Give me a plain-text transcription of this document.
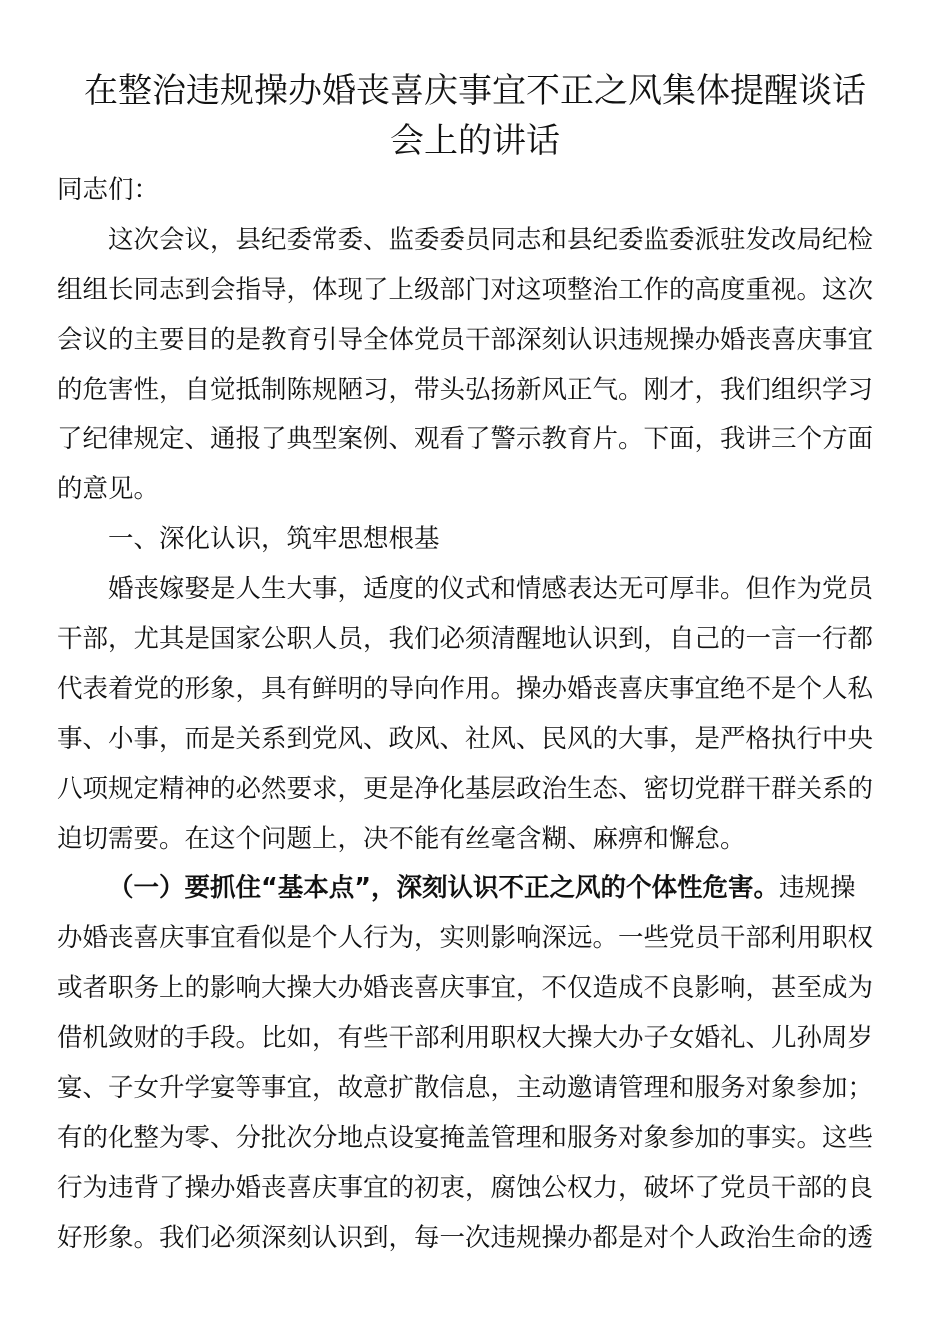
在整治违规操办婚丧喜庆事宜不正之风集体提醒谈话
会上的讲话
同志们：
这次会议，县纪委常委、监委委员同志和县纪委监委派驻发改局纪检
组组长同志到会指导，体现了上级部门对这项整治工作的高度重视。这次
会议的主要目的是教育引导全体党员干部深刻认识违规操办婚丧喜庆事宜
的危害性，自觉抵制陈规陋习，带头弘扬新风正气。刚才，我们组织学习
了纪律规定、通报了典型案例、观看了警示教育片。下面，我讲三个方面
的意见。
一、深化认识，筑牢思想根基
婚丧嫁娶是人生大事，适度的仪式和情感表达无可厚非。但作为党员
干部，尤其是国家公职人员，我们必须清醒地认识到，自己的一言一行都
代表着党的形象，具有鲜明的导向作用。操办婚丧喜庆事宜绝不是个人私
事、小事，而是关系到党风、政风、社风、民风的大事，是严格执行中央
八项规定精神的必然要求，更是净化基层政治生态、密切党群干群关系的
迫切需要。在这个问题上，决不能有丝毫含糊、麻痹和懈怠。
（一）要抓住“基本点”，深刻认识不正之风的个体性危害。违规操
办婚丧喜庆事宜看似是个人行为，实则影响深远。一些党员干部利用职权
或者职务上的影响大操大办婚丧喜庆事宜，不仅造成不良影响，甚至成为
借机敛财的手段。比如，有些干部利用职权大操大办子女婚礼、儿孙周岁
宴、子女升学宴等事宜，故意扩散信息，主动邀请管理和服务对象参加；
有的化整为零、分批次分地点设宴掩盖管理和服务对象参加的事实。这些
行为违背了操办婚丧喜庆事宜的初衷，腐蚀公权力，破坏了党员干部的良
好形象。我们必须深刻认识到，每一次违规操办都是对个人政治生命的透
